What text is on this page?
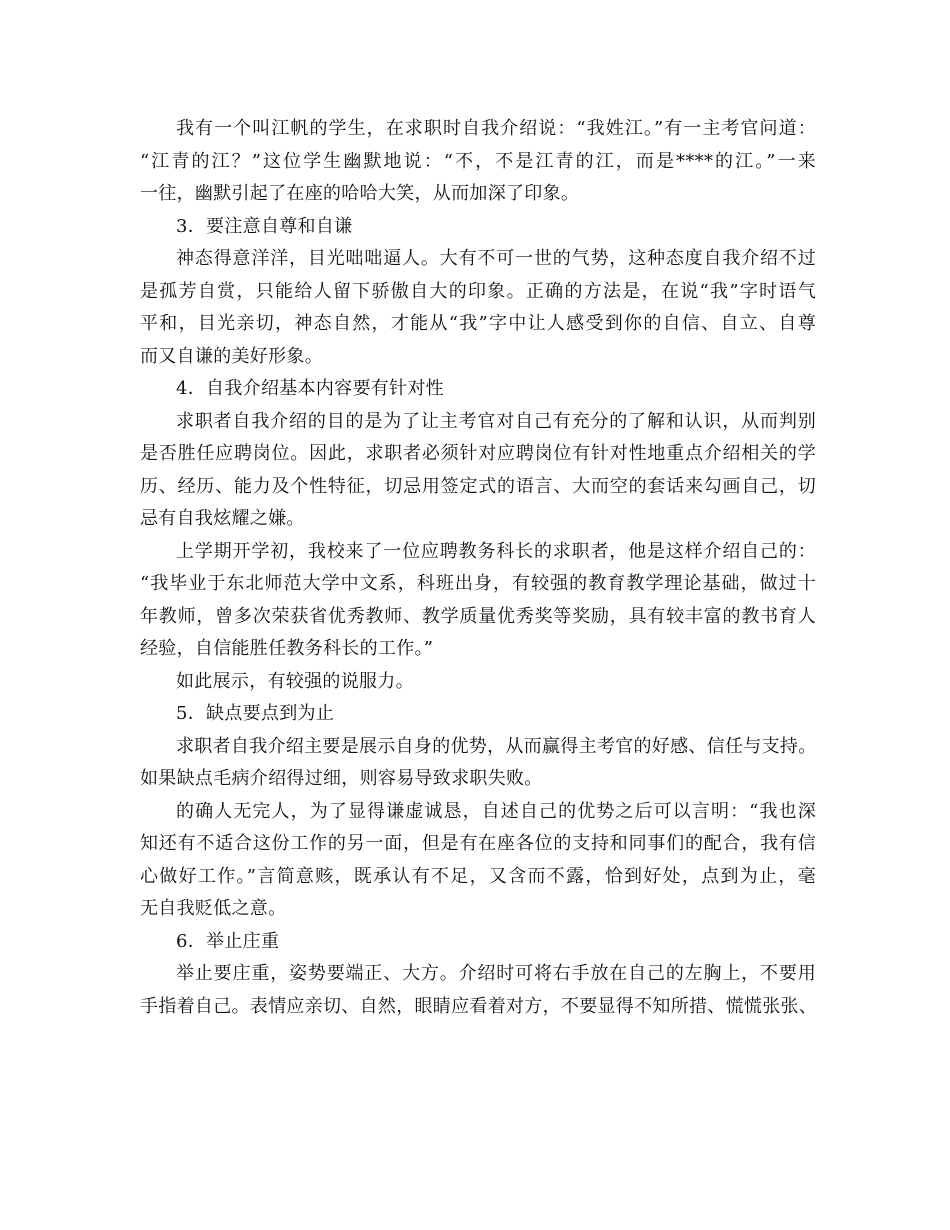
我有一个叫江帆的学生，在求职时自我介绍说：“我姓江。”有一主考官问道：
“江青的江？”这位学生幽默地说：“不，不是江青的江，而是****的江。”一来
一往，幽默引起了在座的哈哈大笑，从而加深了印象。
3．要注意自尊和自谦
神态得意洋洋，目光咄咄逼人。大有不可一世的气势，这种态度自我介绍不过
是孤芳自赏，只能给人留下骄傲自大的印象。正确的方法是，在说“我”字时语气
平和，目光亲切，神态自然，才能从“我”字中让人感受到你的自信、自立、自尊
而又自谦的美好形象。
4．自我介绍基本内容要有针对性
求职者自我介绍的目的是为了让主考官对自己有充分的了解和认识，从而判别
是否胜任应聘岗位。因此，求职者必须针对应聘岗位有针对性地重点介绍相关的学
历、经历、能力及个性特征，切忌用签定式的语言、大而空的套话来勾画自己，切
忌有自我炫耀之嫌。
上学期开学初，我校来了一位应聘教务科长的求职者，他是这样介绍自己的：
“我毕业于东北师范大学中文系，科班出身，有较强的教育教学理论基础，做过十
年教师，曾多次荣获省优秀教师、教学质量优秀奖等奖励，具有较丰富的教书育人
经验，自信能胜任教务科长的工作。”
如此展示，有较强的说服力。
5．缺点要点到为止
求职者自我介绍主要是展示自身的优势，从而赢得主考官的好感、信任与支持。
如果缺点毛病介绍得过细，则容易导致求职失败。
的确人无完人，为了显得谦虚诚恳，自述自己的优势之后可以言明：“我也深
知还有不适合这份工作的另一面，但是有在座各位的支持和同事们的配合，我有信
心做好工作。”言简意赅，既承认有不足，又含而不露，恰到好处，点到为止，毫
无自我贬低之意。
6．举止庄重
举止要庄重，姿势要端正、大方。介绍时可将右手放在自己的左胸上，不要用
手指着自己。表情应亲切、自然，眼睛应看着对方，不要显得不知所措、慌慌张张、
